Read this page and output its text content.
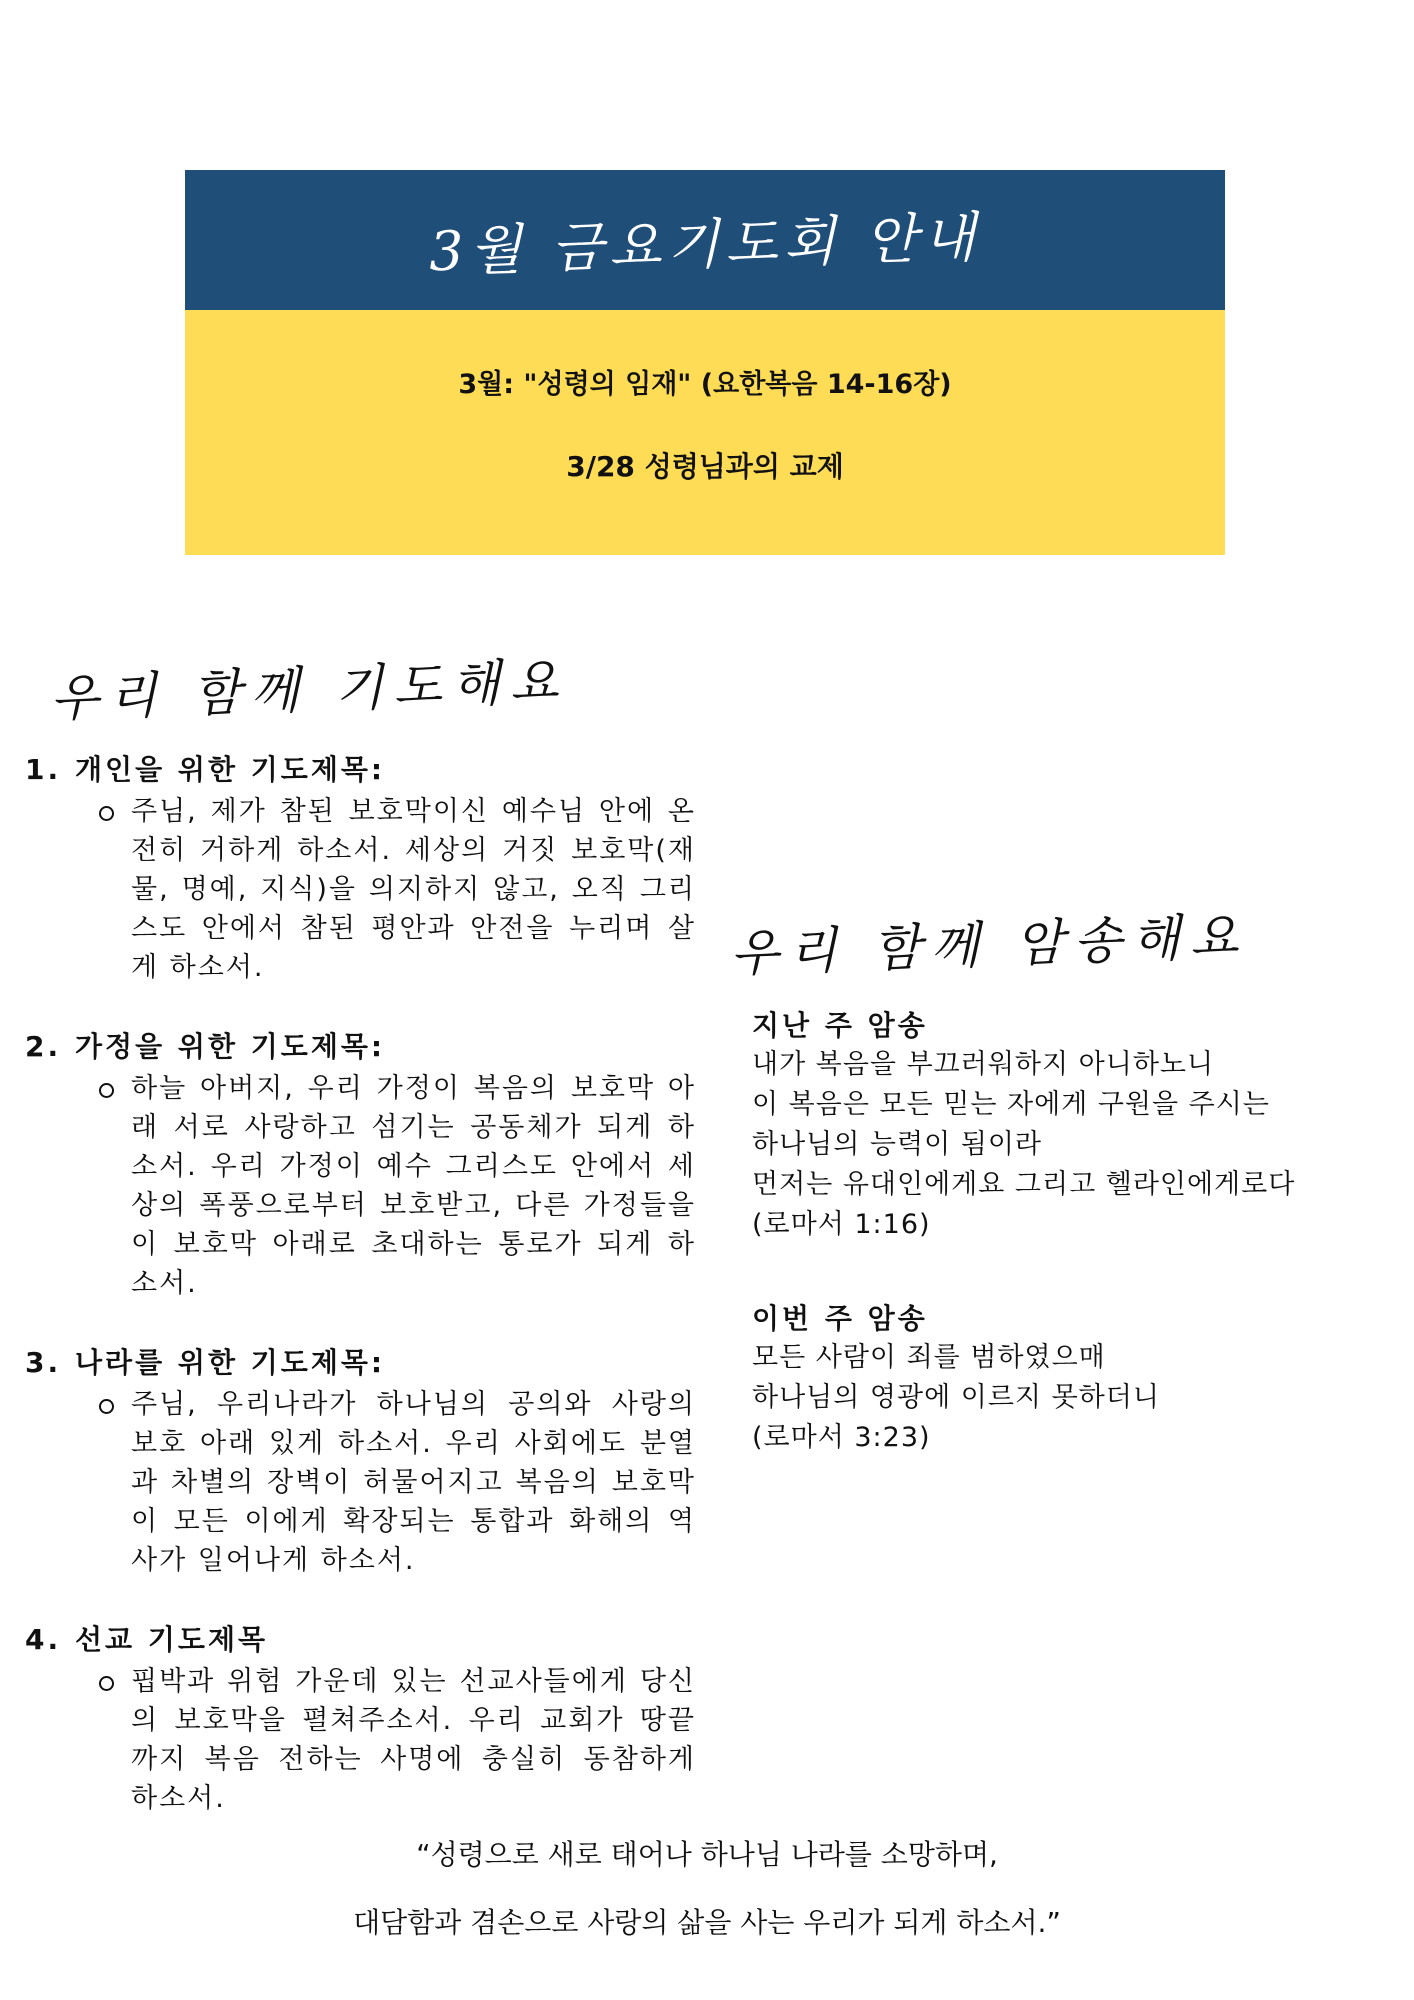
3월 금요기도회 안내
3월: "성령의 임재" (요한복음 14-16장)
3/28 성령님과의 교제
우리 함께 기도해요
우리 함께 암송해요
1. 개인을 위한 기도제목:
주님, 제가 참된 보호막이신 예수님 안에 온전히 거하게 하소서. 세상의 거짓 보호막(재물, 명예, 지식)을 의지하지 않고, 오직 그리스도 안에서 참된 평안과 안전을 누리며 살게 하소서.
2. 가정을 위한 기도제목:
하늘 아버지, 우리 가정이 복음의 보호막 아래 서로 사랑하고 섬기는 공동체가 되게 하소서. 우리 가정이 예수 그리스도 안에서 세상의 폭풍으로부터 보호받고, 다른 가정들을 이 보호막 아래로 초대하는 통로가 되게 하소서.
3. 나라를 위한 기도제목:
주님, 우리나라가 하나님의 공의와 사랑의 보호 아래 있게 하소서. 우리 사회에도 분열과 차별의 장벽이 허물어지고 복음의 보호막이 모든 이에게 확장되는 통합과 화해의 역사가 일어나게 하소서.
4. 선교 기도제목
핍박과 위험 가운데 있는 선교사들에게 당신의 보호막을 펼쳐주소서. 우리 교회가 땅끝까지 복음 전하는 사명에 충실히 동참하게 하소서.
지난 주 암송
내가 복음을 부끄러워하지 아니하노니
이 복음은 모든 믿는 자에게 구원을 주시는
하나님의 능력이 됨이라
먼저는 유대인에게요 그리고 헬라인에게로다
(로마서 1:16)
이번 주 암송
모든 사람이 죄를 범하였으매
하나님의 영광에 이르지 못하더니
(로마서 3:23)
“성령으로 새로 태어나 하나님 나라를 소망하며,
대담함과 겸손으로 사랑의 삶을 사는 우리가 되게 하소서.”
